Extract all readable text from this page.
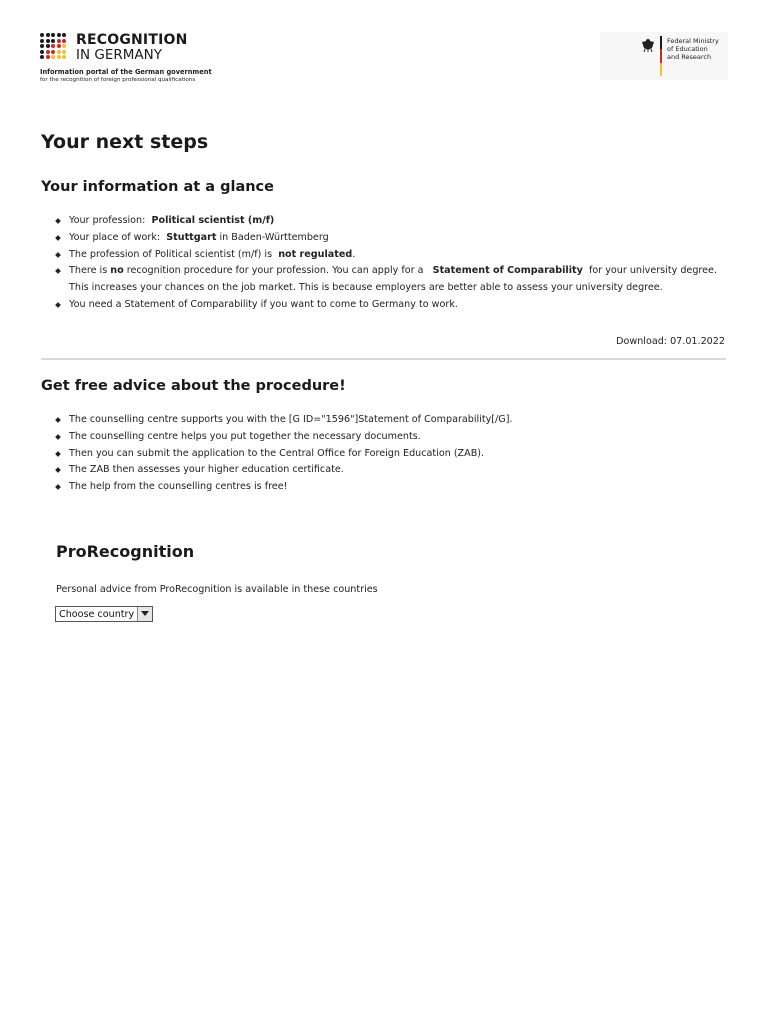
RECOGNITION
IN GERMANY
Information portal of the German government
for the recognition of foreign professional qualifications
Federal Ministry
of Education
and Research
Your next steps
Your information at a glance
Your profession: Political scientist (m/f)
Your place of work: Stuttgart in Baden-Württemberg
The profession of Political scientist (m/f) is not regulated.
There is no recognition procedure for your profession. You can apply for a Statement of Comparability for your university degree. This increases your chances on the job market. This is because employers are better able to assess your university degree.
You need a Statement of Comparability if you want to come to Germany to work.
Download: 07.01.2022
Get free advice about the procedure!
The counselling centre supports you with the [G ID="1596"]Statement of Comparability[/G].
The counselling centre helps you put together the necessary documents.
Then you can submit the application to the Central Office for Foreign Education (ZAB).
The ZAB then assesses your higher education certificate.
The help from the counselling centres is free!
ProRecognition
Personal advice from ProRecognition is available in these countries
Choose country
